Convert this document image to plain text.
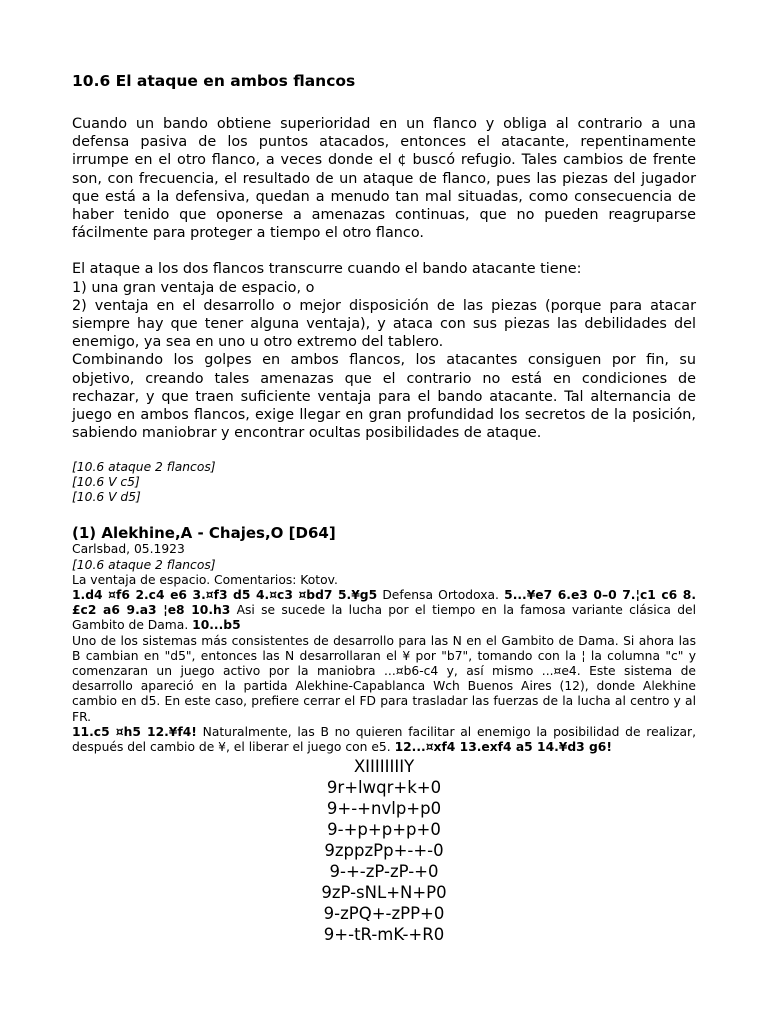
10.6 El ataque en ambos flancos

Cuando un bando obtiene superioridad en un flanco y obliga al contrario a una defensa pasiva de los puntos atacados, entonces el atacante, repentinamente irrumpe en el otro flanco, a veces donde el ¢ buscó refugio. Tales cambios de frente son, con frecuencia, el resultado de un ataque de flanco, pues las piezas del jugador que está a la defensiva, quedan a menudo tan mal situadas, como consecuencia de haber tenido que oponerse a amenazas continuas, que no pueden reagruparse fácilmente para proteger a tiempo el otro flanco.

El ataque a los dos flancos transcurre cuando el bando atacante tiene:

1) una gran ventaja de espacio, o

2) ventaja en el desarrollo o mejor disposición de las piezas (porque para atacar siempre hay que tener alguna ventaja), y ataca con sus piezas las debilidades del enemigo, ya sea en uno u otro extremo del tablero.

Combinando los golpes en ambos flancos, los atacantes consiguen por fin, su objetivo, creando tales amenazas que el contrario no está en condiciones de rechazar, y que traen suficiente ventaja para el bando atacante. Tal alternancia de juego en ambos flancos, exige llegar en gran profundidad los secretos de la posición, sabiendo maniobrar y encontrar ocultas posibilidades de ataque.

[10.6 ataque 2 flancos]
[10.6 V c5]
[10.6 V d5]
(1) Alekhine,A - Chajes,O [D64]

Carlsbad, 05.1923

[10.6 ataque 2 flancos]

La ventaja de espacio. Comentarios: Kotov.

1.d4 ¤f6 2.c4 e6 3.¤f3 d5 4.¤c3 ¤bd7 5.¥g5 Defensa Ortodoxa. 5...¥e7 6.e3 0–0 7.¦c1 c6 8.£c2 a6 9.a3 ¦e8 10.h3 Asi se sucede la lucha por el tiempo en la famosa variante clásica del Gambito de Dama. 10...b5

Uno de los sistemas más consistentes de desarrollo para las N en el Gambito de Dama. Si ahora las B cambian en "d5", entonces las N desarrollaran el ¥ por "b7", tomando con la ¦ la columna "c" y comenzaran un juego activo por la maniobra ...¤b6-c4 y, así mismo ...¤e4. Este sistema de desarrollo apareció en la partida Alekhine-Capablanca Wch Buenos Aires (12), donde Alekhine cambio en d5. En este caso, prefiere cerrar el FD para trasladar las fuerzas de la lucha al centro y al FR.

11.c5 ¤h5 12.¥f4! Naturalmente, las B no quieren facilitar al enemigo la posibilidad de realizar, después del cambio de ¥, el liberar el juego con e5. 12...¤xf4 13.exf4 a5 14.¥d3 g6!

XIIIIIIIIY
9r+lwqr+k+0
9+-+nvlp+p0
9-+p+p+p+0
9zppzPp+-+-0
9-+-zP-zP-+0
9zP-sNL+N+P0
9-zPQ+-zPP+0
9+-tR-mK-+R0
